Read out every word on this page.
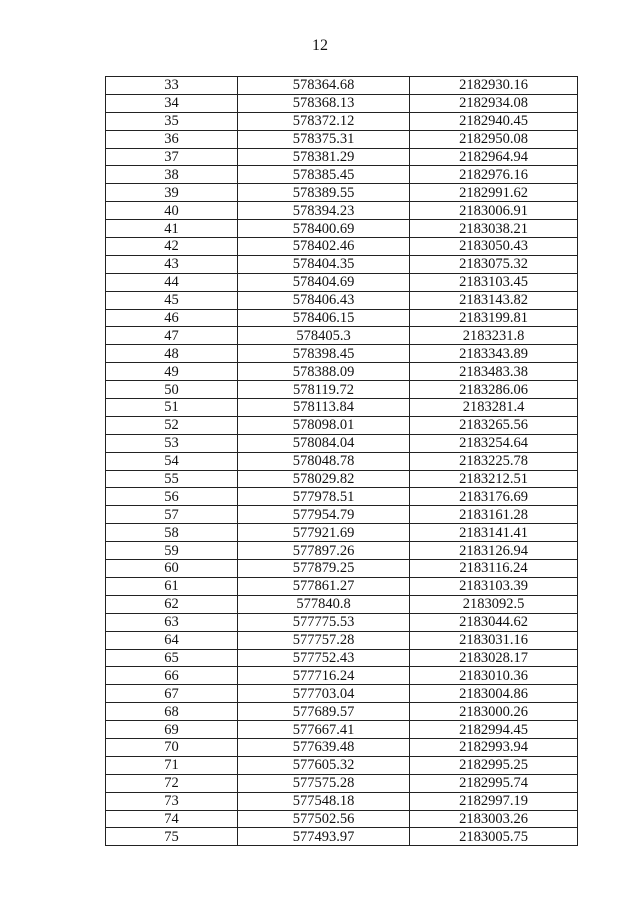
12
33	578364.68	2182930.16
34	578368.13	2182934.08
35	578372.12	2182940.45
36	578375.31	2182950.08
37	578381.29	2182964.94
38	578385.45	2182976.16
39	578389.55	2182991.62
40	578394.23	2183006.91
41	578400.69	2183038.21
42	578402.46	2183050.43
43	578404.35	2183075.32
44	578404.69	2183103.45
45	578406.43	2183143.82
46	578406.15	2183199.81
47	578405.3	2183231.8
48	578398.45	2183343.89
49	578388.09	2183483.38
50	578119.72	2183286.06
51	578113.84	2183281.4
52	578098.01	2183265.56
53	578084.04	2183254.64
54	578048.78	2183225.78
55	578029.82	2183212.51
56	577978.51	2183176.69
57	577954.79	2183161.28
58	577921.69	2183141.41
59	577897.26	2183126.94
60	577879.25	2183116.24
61	577861.27	2183103.39
62	577840.8	2183092.5
63	577775.53	2183044.62
64	577757.28	2183031.16
65	577752.43	2183028.17
66	577716.24	2183010.36
67	577703.04	2183004.86
68	577689.57	2183000.26
69	577667.41	2182994.45
70	577639.48	2182993.94
71	577605.32	2182995.25
72	577575.28	2182995.74
73	577548.18	2182997.19
74	577502.56	2183003.26
75	577493.97	2183005.75
